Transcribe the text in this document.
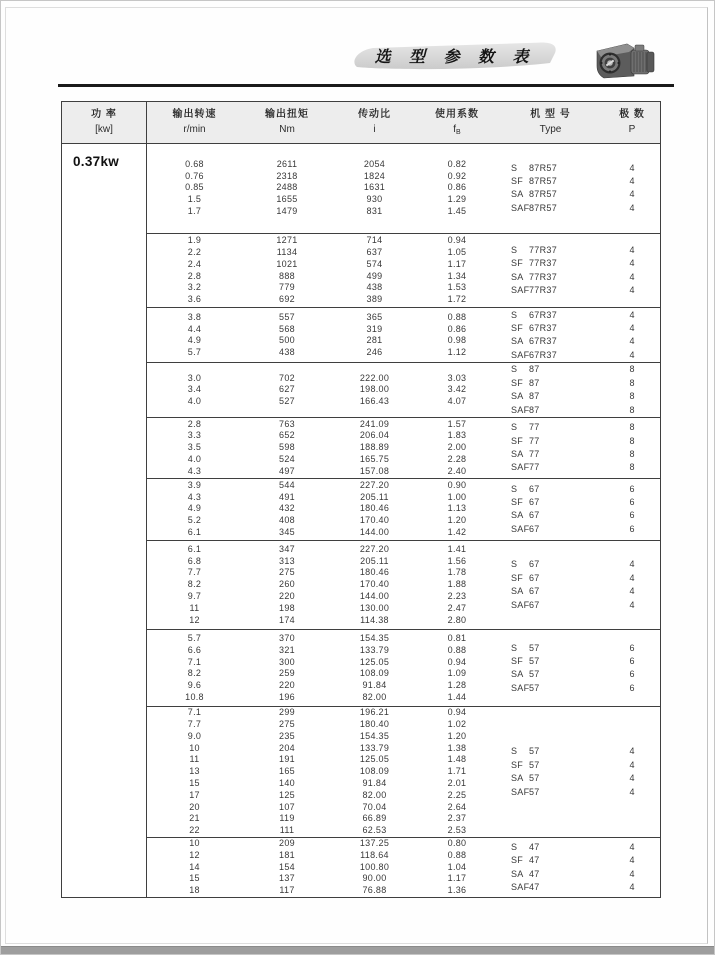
选 型 参 数 表
功 率
[kw]
输出转速
r/min
输出扭矩
Nm
传动比
i
使用系数
$f_B$
机 型 号
Type
极 数
P
0.37kw	0.68
0.76
0.85
1.5
1.7
2611
2318
2488
1655
1479
2054
1824
1631
930
831
0.82
0.92
0.86
1.29
1.45
S 87R57
SF 87R57
SA 87R57
SAF87R57
4
4
4
4
1.9
2.2
2.4
2.8
3.2
3.6
1271
1134
1021
888
779
692
714
637
574
499
438
389
0.94
1.05
1.17
1.34
1.53
1.72
S 77R37
SF 77R37
SA 77R37
SAF77R37
4
4
4
4
3.8
4.4
4.9
5.7
557
568
500
438
365
319
281
246
0.88
0.86
0.98
1.12
S 67R37
SF 67R37
SA 67R37
SAF67R37
4
4
4
4
3.0
3.4
4.0
702
627
527
222.00
198.00
166.43
3.03
3.42
4.07
S 87
SF 87
SA 87
SAF87
8
8
8
8
2.8
3.3
3.5
4.0
4.3
763
652
598
524
497
241.09
206.04
188.89
165.75
157.08
1.57
1.83
2.00
2.28
2.40
S 77
SF 77
SA 77
SAF77
8
8
8
8
3.9
4.3
4.9
5.2
6.1
544
491
432
408
345
227.20
205.11
180.46
170.40
144.00
0.90
1.00
1.13
1.20
1.42
S 67
SF 67
SA 67
SAF67
6
6
6
6
6.1
6.8
7.7
8.2
9.7
11
12
347
313
275
260
220
198
174
227.20
205.11
180.46
170.40
144.00
130.00
114.38
1.41
1.56
1.78
1.88
2.23
2.47
2.80
S 67
SF 67
SA 67
SAF67
4
4
4
4
5.7
6.6
7.1
8.2
9.6
10.8
370
321
300
259
220
196
154.35
133.79
125.05
108.09
91.84
82.00
0.81
0.88
0.94
1.09
1.28
1.44
S 57
SF 57
SA 57
SAF57
6
6
6
6
7.1
7.7
9.0
10
11
13
15
17
20
21
22
299
275
235
204
191
165
140
125
107
119
111
196.21
180.40
154.35
133.79
125.05
108.09
91.84
82.00
70.04
66.89
62.53
0.94
1.02
1.20
1.38
1.48
1.71
2.01
2.25
2.64
2.37
2.53
S 57
SF 57
SA 57
SAF57
4
4
4
4
10
12
14
15
18
209
181
154
137
117
137.25
118.64
100.80
90.00
76.88
0.80
0.88
1.04
1.17
1.36
S 47
SF 47
SA 47
SAF47
4
4
4
4
